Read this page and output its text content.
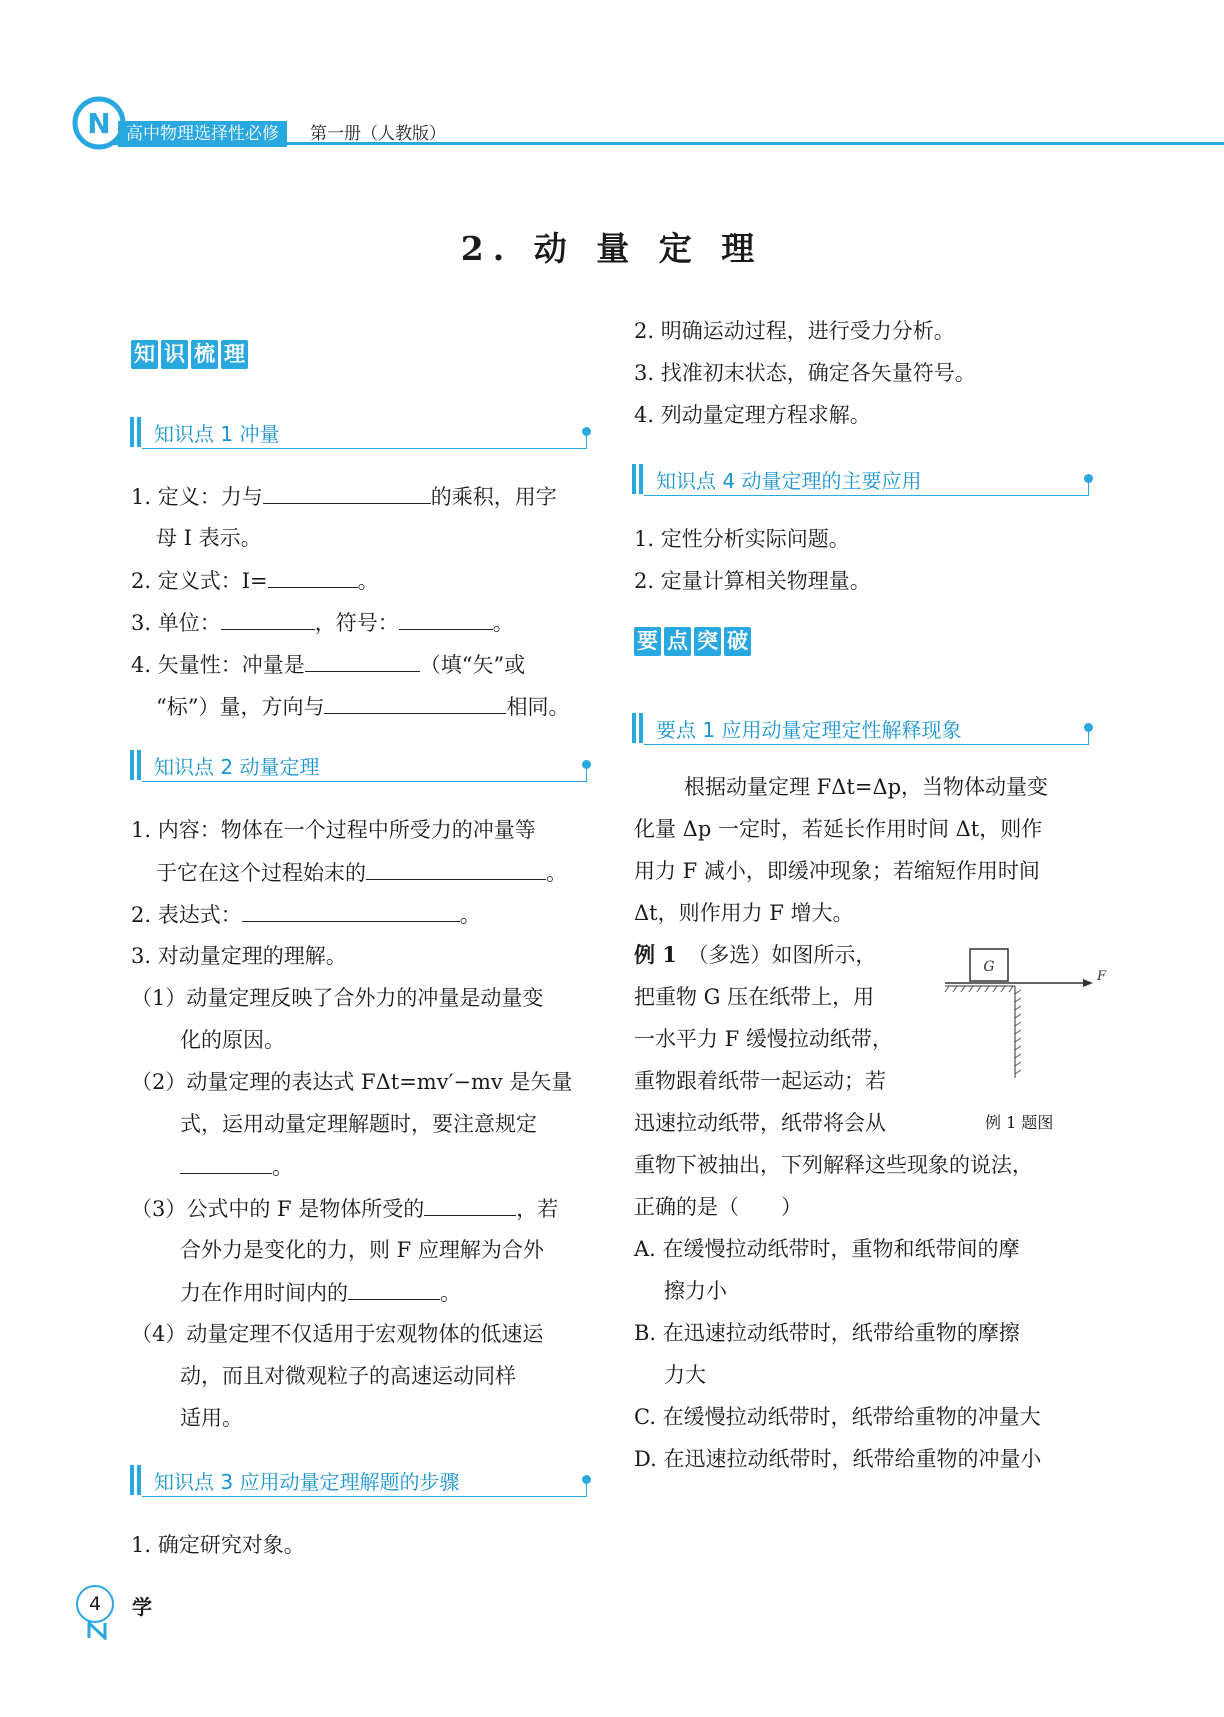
N 高中物理选择性必修	第一册（人教版）
2. 动 量 定 理
知 识 梳 理
知识点 1 冲量
1. 定义：力与	的乘积，用字
母 I 表示。
2. 定义式：I=	。
3. 单位：	，符号：	。
4. 矢量性：冲量是	（填“矢”或
“标”）量，方向与	相同。
知识点 2 动量定理
1. 内容：物体在一个过程中所受力的冲量等
于它在这个过程始末的	。
2. 表达式：	。
3. 对动量定理的理解。
（1）动量定理反映了合外力的冲量是动量变
化的原因。
（2）动量定理的表达式 FΔt=mv′−mv 是矢量
式，运用动量定理解题时，要注意规定
。
（3）公式中的 F 是物体所受的	，若
合外力是变化的力，则 F 应理解为合外
力在作用时间内的	。
（4）动量定理不仅适用于宏观物体的低速运
动，而且对微观粒子的高速运动同样
适用。
知识点 3 应用动量定理解题的步骤
1. 确定研究对象。
2. 明确运动过程，进行受力分析。
3. 找准初末状态，确定各矢量符号。
4. 列动量定理方程求解。
知识点 4 动量定理的主要应用
1. 定性分析实际问题。
2. 定量计算相关物理量。
要 点 突 破
要点 1 应用动量定理定性解释现象
根据动量定理 FΔt=Δp，当物体动量变
化量 Δp 一定时，若延长作用时间 Δt，则作
用力 F 减小，即缓冲现象；若缩短作用时间
Δt，则作用力 F 增大。
例 1　 （多选）如图所示，
把重物 G 压在纸带上，用
一水平力 F 缓慢拉动纸带，
重物跟着纸带一起运动；若
迅速拉动纸带，纸带将会从
G
F
例 1 题图
重物下被抽出，下列解释这些现象的说法，
正确的是（　　）
A. 在缓慢拉动纸带时，重物和纸带间的摩
擦力小
B. 在迅速拉动纸带时，纸带给重物的摩擦
力大
C. 在缓慢拉动纸带时，纸带给重物的冲量大
D. 在迅速拉动纸带时，纸带给重物的冲量小
4	学
